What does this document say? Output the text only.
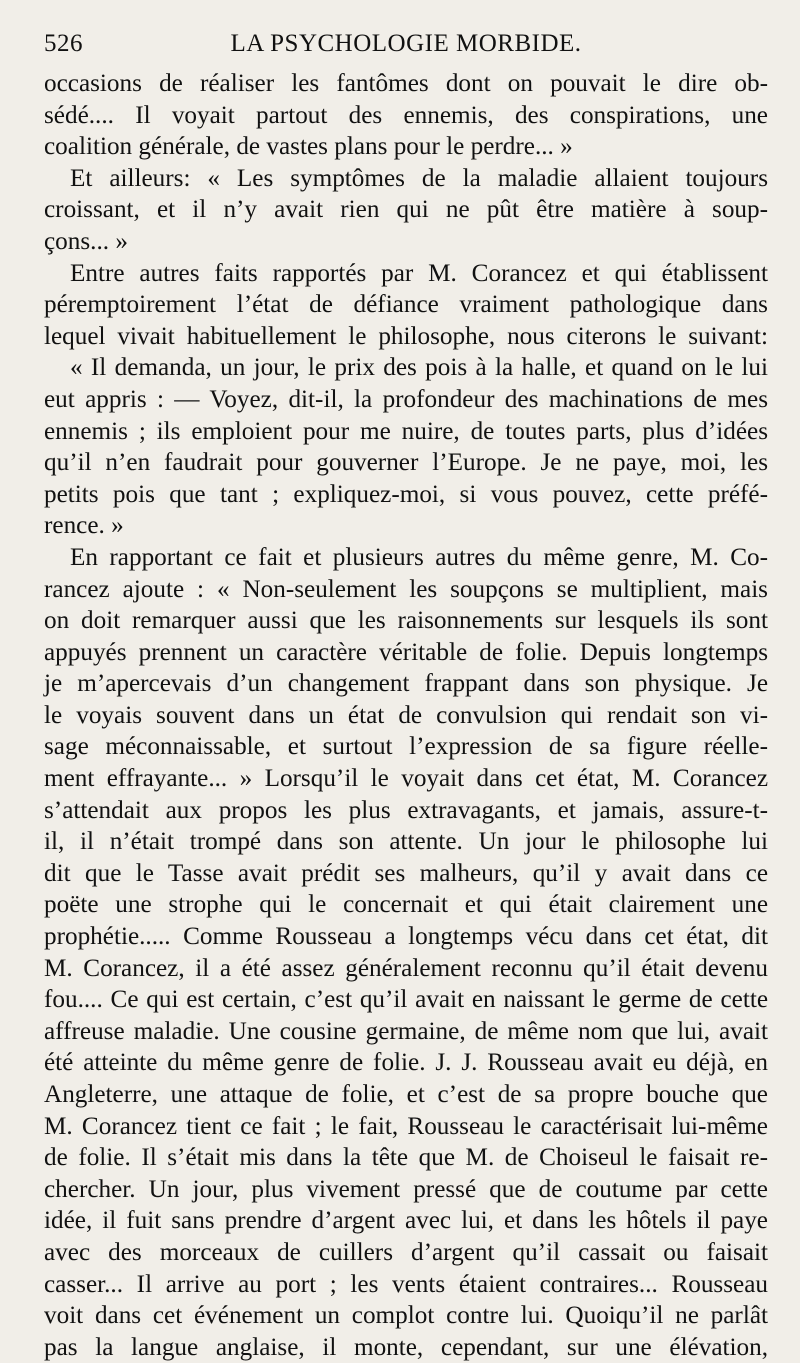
526	LA PSYCHOLOGIE MORBIDE.
occasions de réaliser les fantômes dont on pouvait le dire ob-
sédé.... Il voyait partout des ennemis, des conspirations, une
coalition générale, de vastes plans pour le perdre... »
Et ailleurs: « Les symptômes de la maladie allaient toujours
croissant, et il n’y avait rien qui ne pût être matière à soup-
çons... »
Entre autres faits rapportés par M. Corancez et qui établissent
péremptoirement l’état de défiance vraiment pathologique dans
lequel vivait habituellement le philosophe, nous citerons le suivant:
« Il demanda, un jour, le prix des pois à la halle, et quand on le lui
eut appris : — Voyez, dit-il, la profondeur des machinations de mes
ennemis ; ils emploient pour me nuire, de toutes parts, plus d’idées
qu’il n’en faudrait pour gouverner l’Europe. Je ne paye, moi, les
petits pois que tant ; expliquez-moi, si vous pouvez, cette préfé-
rence. »
En rapportant ce fait et plusieurs autres du même genre, M. Co-
rancez ajoute : « Non-seulement les soupçons se multiplient, mais
on doit remarquer aussi que les raisonnements sur lesquels ils sont
appuyés prennent un caractère véritable de folie. Depuis longtemps
je m’apercevais d’un changement frappant dans son physique. Je
le voyais souvent dans un état de convulsion qui rendait son vi-
sage méconnaissable, et surtout l’expression de sa figure réelle-
ment effrayante... » Lorsqu’il le voyait dans cet état, M. Corancez
s’attendait aux propos les plus extravagants, et jamais, assure-t-
il, il n’était trompé dans son attente. Un jour le philosophe lui
dit que le Tasse avait prédit ses malheurs, qu’il y avait dans ce
poëte une strophe qui le concernait et qui était clairement une
prophétie..... Comme Rousseau a longtemps vécu dans cet état, dit
M. Corancez, il a été assez généralement reconnu qu’il était devenu
fou.... Ce qui est certain, c’est qu’il avait en naissant le germe de cette
affreuse maladie. Une cousine germaine, de même nom que lui, avait
été atteinte du même genre de folie. J. J. Rousseau avait eu déjà, en
Angleterre, une attaque de folie, et c’est de sa propre bouche que
M. Corancez tient ce fait ; le fait, Rousseau le caractérisait lui-même
de folie. Il s’était mis dans la tête que M. de Choiseul le faisait re-
chercher. Un jour, plus vivement pressé que de coutume par cette
idée, il fuit sans prendre d’argent avec lui, et dans les hôtels il paye
avec des morceaux de cuillers d’argent qu’il cassait ou faisait
casser... Il arrive au port ; les vents étaient contraires... Rousseau
voit dans cet événement un complot contre lui. Quoiqu’il ne parlât
pas la langue anglaise, il monte, cependant, sur une élévation,
